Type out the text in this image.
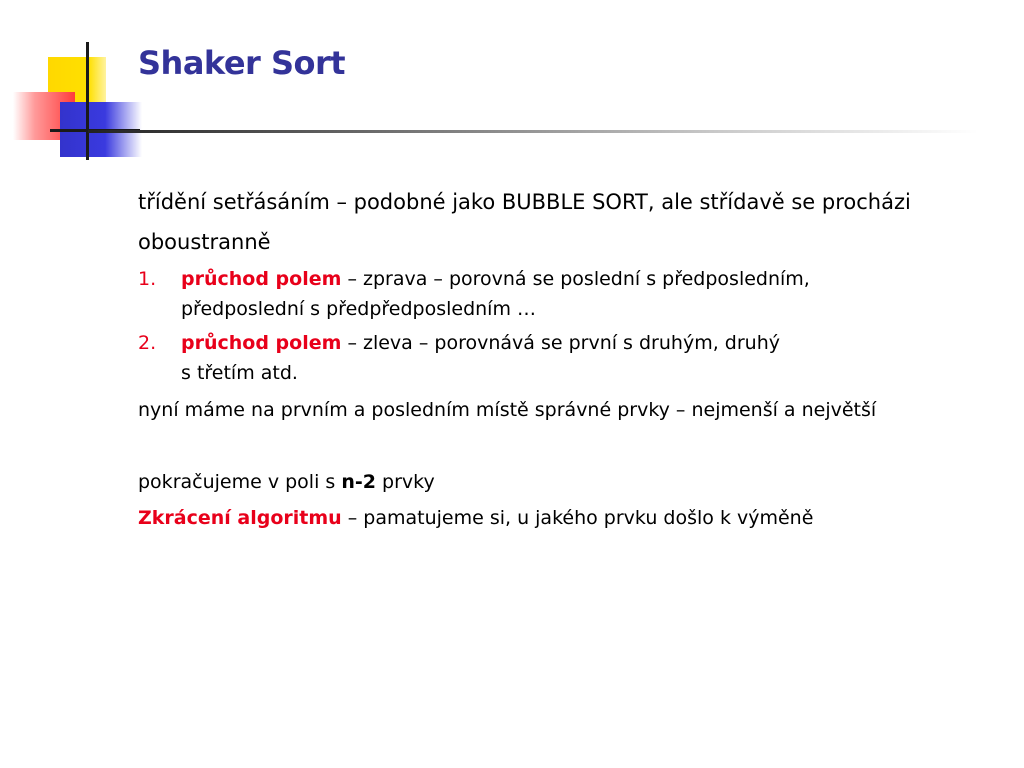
Shaker Sort

třídění setřásáním – podobné jako BUBBLE SORT, ale střídavě se procházi oboustranně

1. průchod polem – zprava – porovná se poslední s předposledním,
předposlední s předpředposledním …
2. průchod polem – zleva – porovnává se první s druhým, druhý
s třetím atd.

nyní máme na prvním a posledním místě správné prvky – nejmenší a největší

pokračujeme v poli s n-2 prvky

Zkrácení algoritmu – pamatujeme si, u jakého prvku došlo k výměně
